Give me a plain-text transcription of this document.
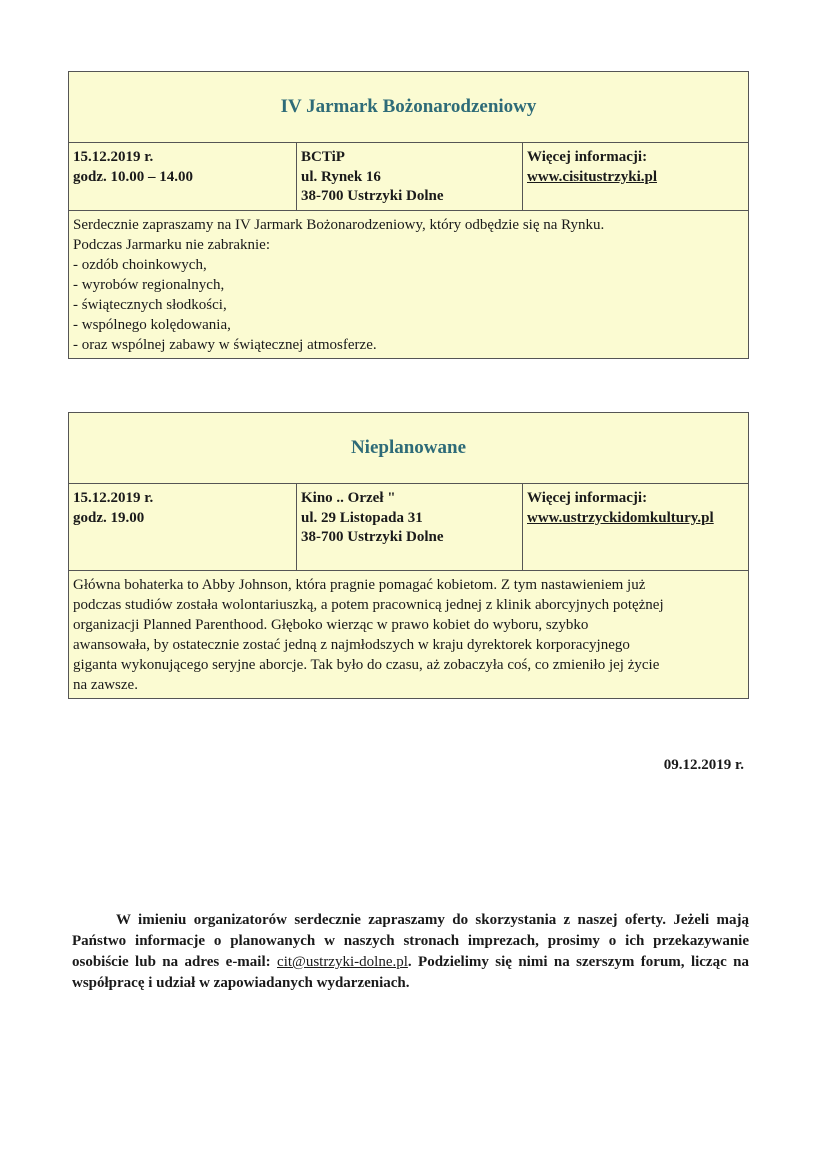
IV Jarmark Bożonarodzeniowy
15.12.2019 r.
godz. 10.00 – 14.00
BCTiP
ul. Rynek 16
38-700 Ustrzyki Dolne
Więcej informacji:
www.cisitustrzyki.pl
Serdecznie zapraszamy na IV Jarmark Bożonarodzeniowy, który odbędzie się na Rynku.
Podczas Jarmarku nie zabraknie:
- ozdób choinkowych,
- wyrobów regionalnych,
- świątecznych słodkości,
- wspólnego kolędowania,
- oraz wspólnej zabawy w świątecznej atmosferze.
Nieplanowane
15.12.2019 r.
godz. 19.00
Kino .. Orzeł "
ul. 29 Listopada 31
38-700 Ustrzyki Dolne
Więcej informacji:
www.ustrzyckidomkultury.pl
Główna bohaterka to Abby Johnson, która pragnie pomagać kobietom. Z tym nastawieniem już
podczas studiów została wolontariuszką, a potem pracownicą jednej z klinik aborcyjnych potężnej
organizacji Planned Parenthood. Głęboko wierząc w prawo kobiet do wyboru, szybko
awansowała, by ostatecznie zostać jedną z najmłodszych w kraju dyrektorek korporacyjnego
giganta wykonującego seryjne aborcje. Tak było do czasu, aż zobaczyła coś, co zmieniło jej życie
na zawsze.
09.12.2019 r.
W imieniu organizatorów serdecznie zapraszamy do skorzystania z naszej oferty. Jeżeli mają Państwo informacje o planowanych w naszych stronach imprezach, prosimy o ich przekazywanie osobiście lub na adres e-mail: cit@ustrzyki-dolne.pl. Podzielimy się nimi na szerszym forum, licząc na współpracę i udział w zapowiadanych wydarzeniach.
